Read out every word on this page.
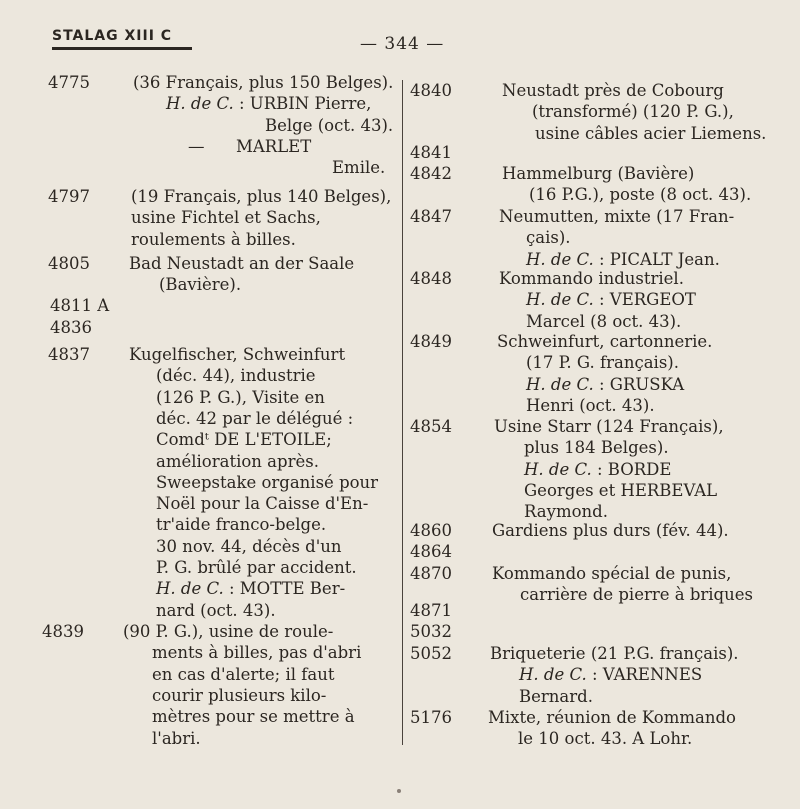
STALAG XIII C	— 344 —
4775	(36 Français, plus 150 Belges).
H. de C. : URBIN Pierre,
Belge (oct. 43).
—      MARLET
Emile.
4797 (19 Français, plus 140 Belges),
usine Fichtel et Sachs,
roulements à billes.
4805 Bad Neustadt an der Saale
(Bavière).
4811 A
4836
4837 Kugelfischer, Schweinfurt
(déc. 44), industrie
(126 P. G.), Visite en
déc. 42 par le délégué :
Comdᵗ DE L'ETOILE;
amélioration après.
Sweepstake organisé pour
Noël pour la Caisse d'En-
tr'aide franco-belge.
30 nov. 44, décès d'un
P. G. brûlé par accident.
H. de C. : MOTTE Ber-
nard (oct. 43).
4839 (90 P. G.), usine de roule-
ments à billes, pas d'abri
en cas d'alerte; il faut
courir plusieurs kilo-
mètres pour se mettre à
l'abri.
4840	Neustadt près de Cobourg
(transformé) (120 P. G.),
usine câbles acier Liemens.
4841
4842	Hammelburg (Bavière)
(16 P.G.), poste (8 oct. 43).
4847	Neumutten, mixte (17 Fran-
çais).
H. de C. : PICALT Jean.
4848	Kommando industriel.
H. de C. : VERGEOT
Marcel (8 oct. 43).
4849	Schweinfurt, cartonnerie.
(17 P. G. français).
H. de C. : GRUSKA
Henri (oct. 43).
4854	Usine Starr (124 Français),
plus 184 Belges).
H. de C. : BORDE
Georges et HERBEVAL
Raymond.
4860 Gardiens plus durs (fév. 44).
4864
4870 Kommando spécial de punis,
carrière de pierre à briques
4871
5032
5052 Briqueterie (21 P.G. français).
H. de C. : VARENNES
Bernard.
5176 Mixte, réunion de Kommando
le 10 oct. 43. A Lohr.
